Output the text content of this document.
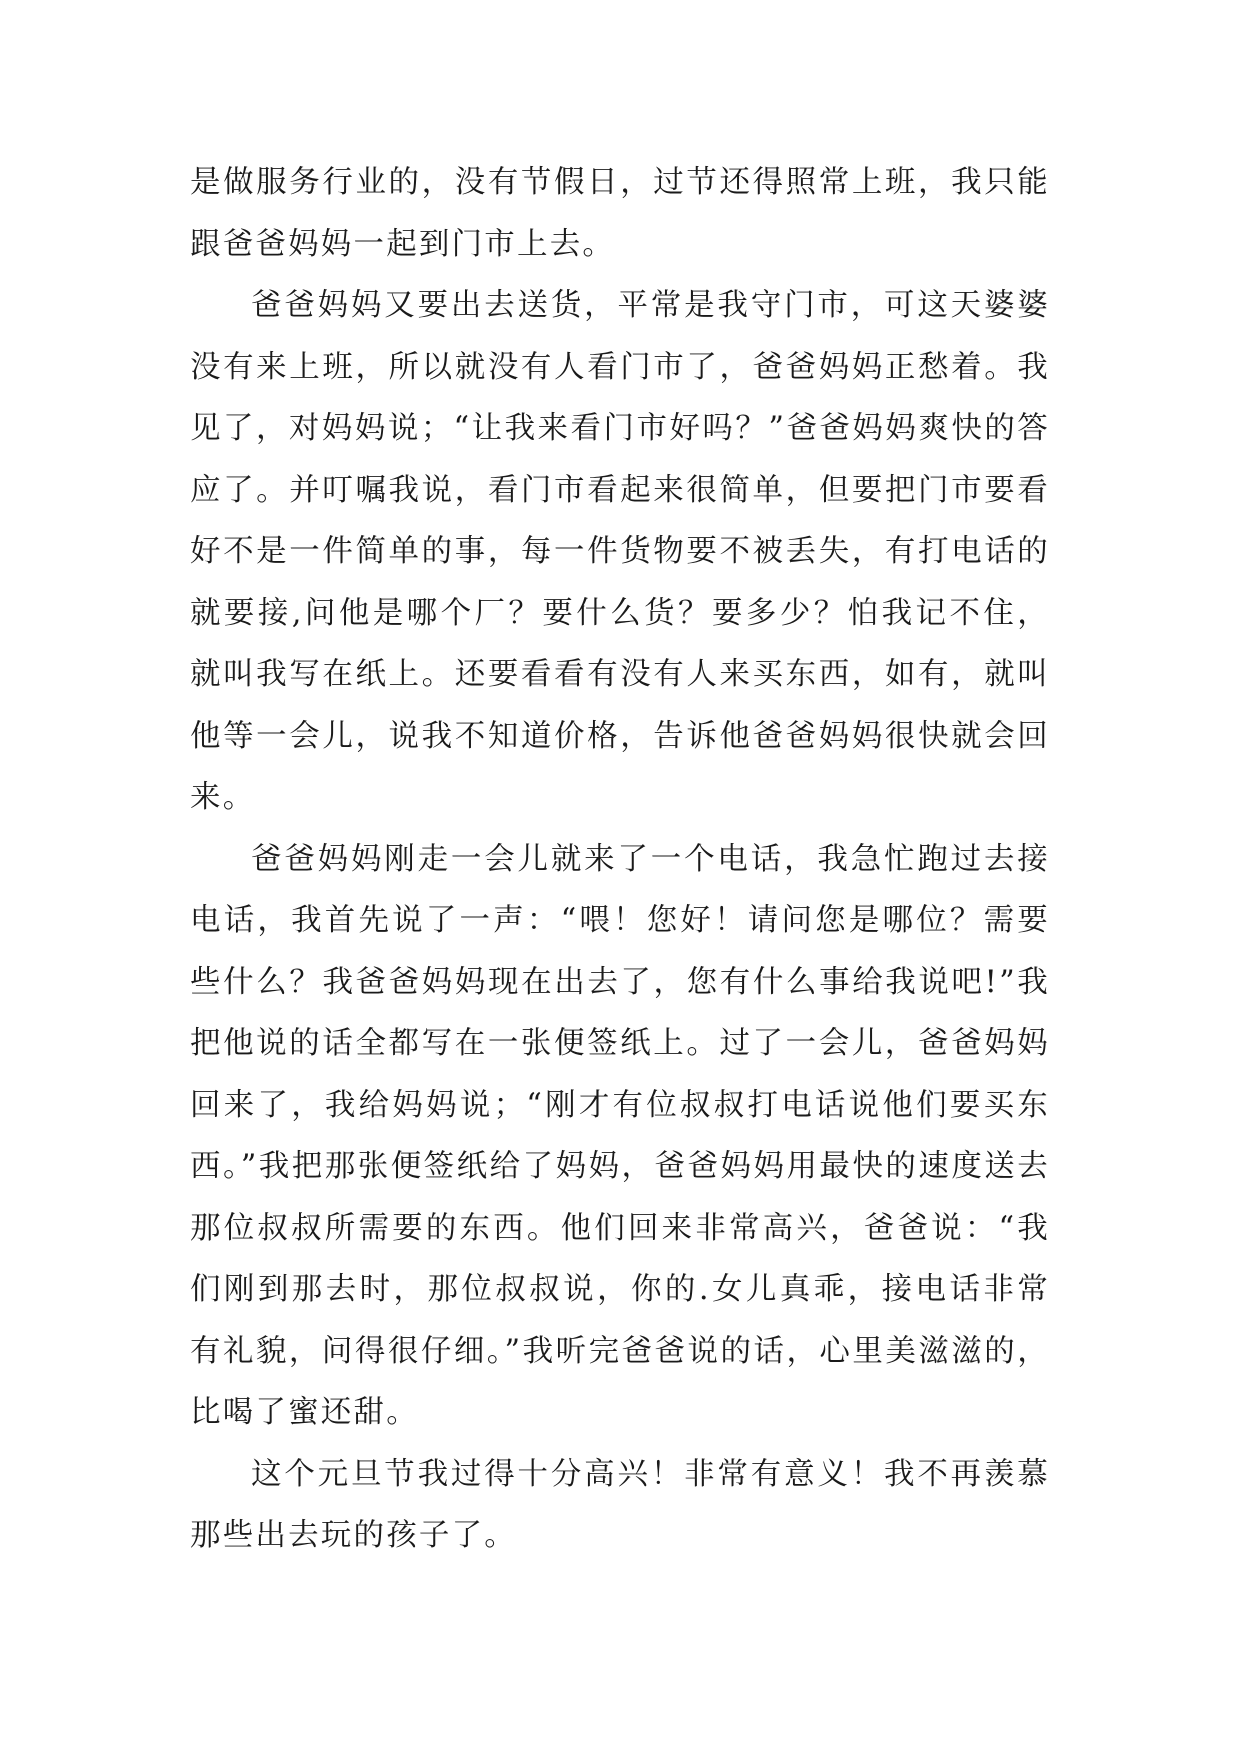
是做服务行业的，没有节假日，过节还得照常上班，我只能跟爸爸妈妈一起到门市上去。

爸爸妈妈又要出去送货，平常是我守门市，可这天婆婆没有来上班，所以就没有人看门市了，爸爸妈妈正愁着。我见了，对妈妈说；“让我来看门市好吗？”爸爸妈妈爽快的答应了。并叮嘱我说，看门市看起来很简单，但要把门市要看好不是一件简单的事，每一件货物要不被丢失，有打电话的就要接,问他是哪个厂？要什么货？要多少？怕我记不住，就叫我写在纸上。还要看看有没有人来买东西，如有，就叫他等一会儿，说我不知道价格，告诉他爸爸妈妈很快就会回来。

爸爸妈妈刚走一会儿就来了一个电话，我急忙跑过去接电话，我首先说了一声：“喂！您好！请问您是哪位？需要些什么？我爸爸妈妈现在出去了，您有什么事给我说吧!”我把他说的话全都写在一张便签纸上。过了一会儿，爸爸妈妈回来了，我给妈妈说；“刚才有位叔叔打电话说他们要买东西。”我把那张便签纸给了妈妈，爸爸妈妈用最快的速度送去那位叔叔所需要的东西。他们回来非常高兴，爸爸说：“我们刚到那去时，那位叔叔说，你的.女儿真乖，接电话非常有礼貌，问得很仔细。”我听完爸爸说的话，心里美滋滋的，比喝了蜜还甜。

这个元旦节我过得十分高兴！非常有意义！我不再羡慕那些出去玩的孩子了。
